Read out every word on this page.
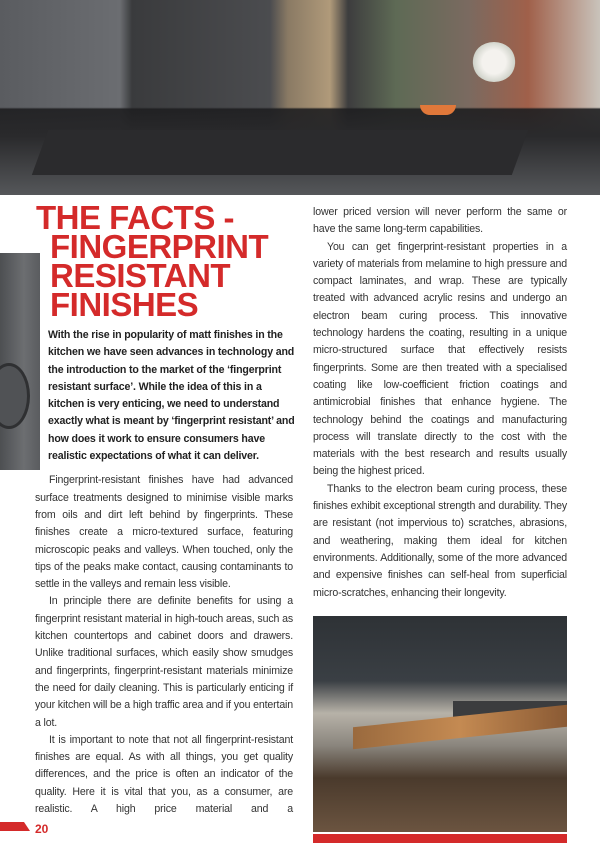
THE FACTS -
FINGERPRINT
RESISTANT
FINISHES
With the rise in popularity of matt finishes in the kitchen we have seen advances in technology and the introduction to the market of the ‘fingerprint resistant surface’. While the idea of this in a kitchen is very enticing, we need to understand exactly what is meant by ‘fingerprint resistant’ and how does it work to ensure consumers have realistic expectations of what it can deliver.

Fingerprint-resistant finishes have had advanced surface treatments designed to minimise visible marks from oils and dirt left behind by fingerprints. These finishes create a micro-textured surface, featuring microscopic peaks and valleys. When touched, only the tips of the peaks make contact, causing contaminants to settle in the valleys and remain less visible.

In principle there are definite benefits for using a fingerprint resistant material in high-touch areas, such as kitchen countertops and cabinet doors and drawers. Unlike traditional surfaces, which easily show smudges and fingerprints, fingerprint-resistant materials minimize the need for daily cleaning. This is particularly enticing if your kitchen will be a high traffic area and if you entertain a lot.

It is important to note that not all fingerprint-resistant finishes are equal. As with all things, you get quality differences, and the price is often an indicator of the quality. Here it is vital that you, as a consumer, are realistic. A high price material and a

20

lower priced version will never perform the same or have the same long-term capabilities.

You can get fingerprint-resistant properties in a variety of materials from melamine to high pressure and compact laminates, and wrap. These are typically treated with advanced acrylic resins and undergo an electron beam curing process. This innovative technology hardens the coating, resulting in a unique micro-structured surface that effectively resists fingerprints. Some are then treated with a specialised coating like low-coefficient friction coatings and antimicrobial finishes that enhance hygiene. The technology behind the coatings and manufacturing process will translate directly to the cost with the materials with the best research and results usually being the highest priced.

Thanks to the electron beam curing process, these finishes exhibit exceptional strength and durability. They are resistant (not impervious to) scratches, abrasions, and weathering, making them ideal for kitchen environments. Additionally, some of the more advanced and expensive finishes can self-heal from superficial micro-scratches, enhancing their longevity.
